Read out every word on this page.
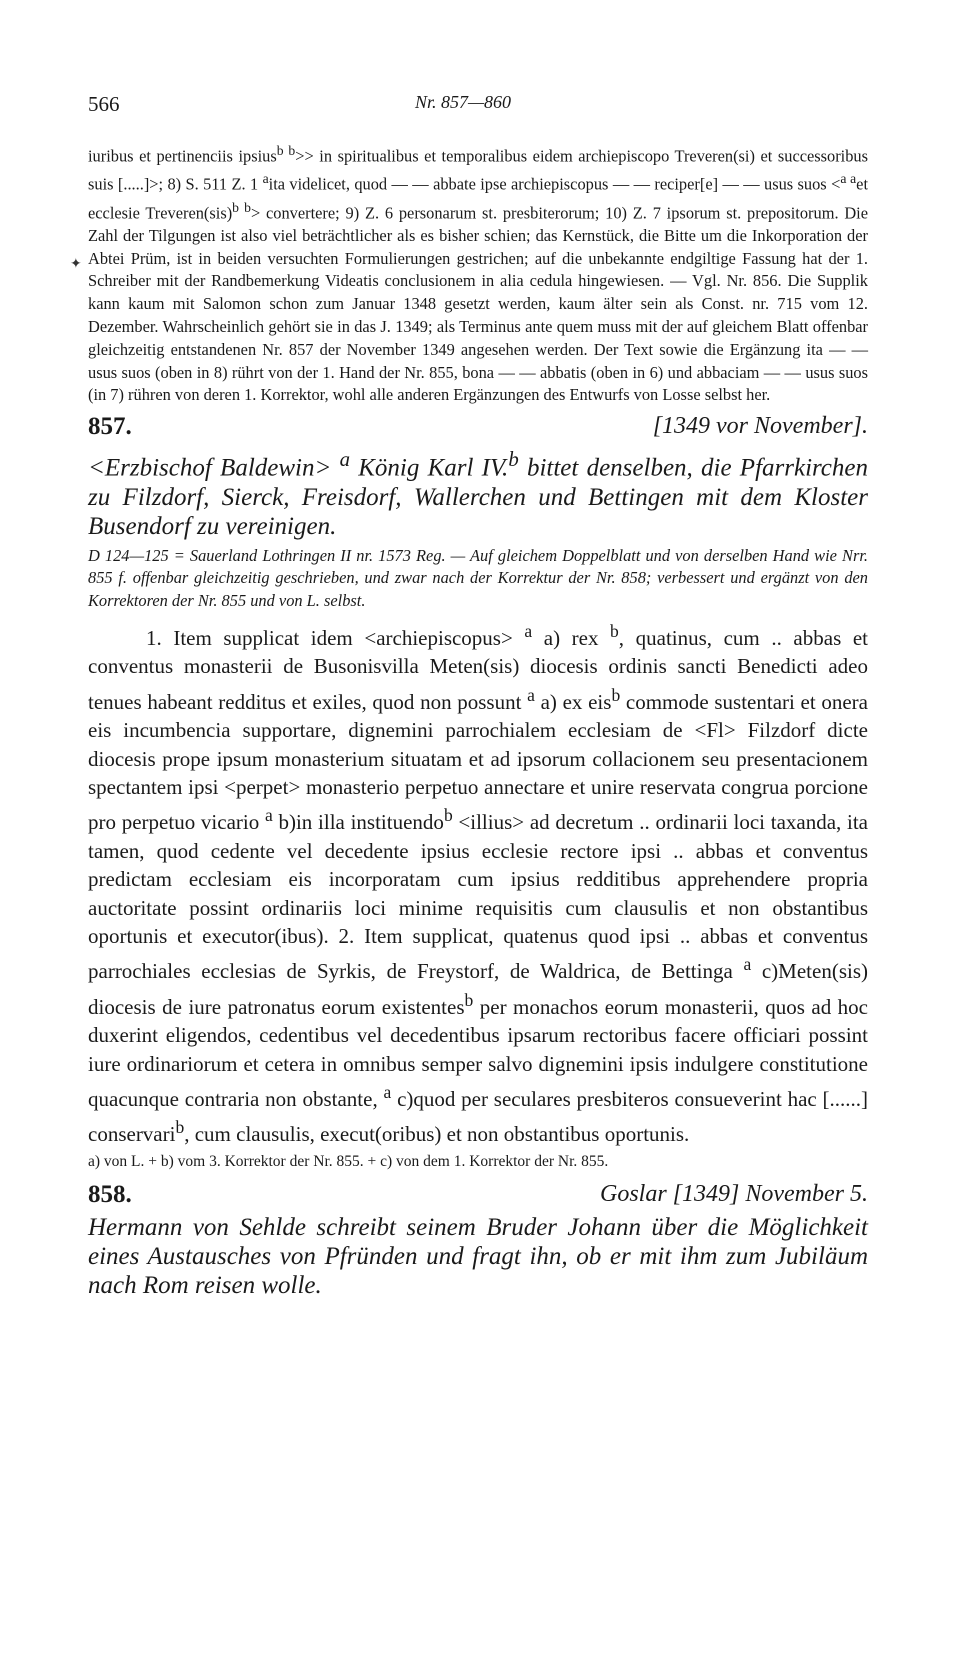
566	Nr. 857—860
✦

iuribus et pertinenciis ipsius$^{b b}$>> in spiritualibus et temporalibus eidem archiepiscopo Treveren(si) et successoribus suis [.....]>; 8) S. 511 Z. 1 $^a$ita videlicet, quod — — abbate ipse archiepiscopus — — reciper[e] — — usus suos <$^{a a}$et ecclesie Treveren(sis)$^{b b}$> convertere; 9) Z. 6 personarum st. presbiterorum; 10) Z. 7 ipsorum st. prepositorum. Die Zahl der Tilgungen ist also viel beträchtlicher als es bisher schien; das Kernstück, die Bitte um die Inkorporation der Abtei Prüm, ist in beiden versuchten Formulierungen gestrichen; auf die unbekannte endgiltige Fassung hat der 1. Schreiber mit der Randbemerkung Videatis conclusionem in alia cedula hingewiesen. — Vgl. Nr. 856. Die Supplik kann kaum mit Salomon schon zum Januar 1348 gesetzt werden, kaum älter sein als Const. nr. 715 vom 12. Dezember. Wahrscheinlich gehört sie in das J. 1349; als Terminus ante quem muss mit der auf gleichem Blatt offenbar gleichzeitig entstandenen Nr. 857 der November 1349 angesehen werden. Der Text sowie die Ergänzung ita — — usus suos (oben in 8) rührt von der 1. Hand der Nr. 855, bona — — abbatis (oben in 6) und abbaciam — — usus suos (in 7) rühren von deren 1. Korrektor, wohl alle anderen Ergänzungen des Entwurfs von Losse selbst her.

857.	[1349 vor November].
<Erzbischof Baldewin> $^a$ König Karl IV.$^b$ bittet denselben, die Pfarrkirchen zu Filzdorf, Sierck, Freisdorf, Wallerchen und Bettingen mit dem Kloster Busendorf zu vereinigen.
D 124—125 = Sauerland Lothringen II nr. 1573 Reg. — Auf gleichem Doppelblatt und von derselben Hand wie Nrr. 855 f. offenbar gleichzeitig geschrieben, und zwar nach der Korrektur der Nr. 858; verbessert und ergänzt von den Korrektoren der Nr. 855 und von L. selbst.
1. Item supplicat idem <archiepiscopus> $^a$ a) rex $^b$, quatinus, cum .. abbas et conventus monasterii de Busonisvilla Meten(sis) diocesis ordinis sancti Benedicti adeo tenues habeant redditus et exiles, quod non possunt $^a$ a) ex eis$^b$ commode sustentari et onera eis incumbencia supportare, dignemini parrochialem ecclesiam de <Fl> Filzdorf dicte diocesis prope ipsum monasterium situatam et ad ipsorum collacionem seu presentacionem spectantem ipsi <perpet> monasterio perpetuo annectare et unire reservata congrua porcione pro perpetuo vicario $^a$ b)in illa instituendo$^b$ <illius> ad decretum .. ordinarii loci taxanda, ita tamen, quod cedente vel decedente ipsius ecclesie rectore ipsi .. abbas et conventus predictam ecclesiam eis incorporatam cum ipsius redditibus apprehendere propria auctoritate possint ordinariis loci minime requisitis cum clausulis et non obstantibus oportunis et executor(ibus). 2. Item supplicat, quatenus quod ipsi .. abbas et conventus parrochiales ecclesias de Syrkis, de Freystorf, de Waldrica, de Bettinga $^a$ c)Meten(sis) diocesis de iure patronatus eorum existentes$^b$ per monachos eorum monasterii, quos ad hoc duxerint eligendos, cedentibus vel decedentibus ipsarum rectoribus facere officiari possint iure ordinariorum et cetera in omnibus semper salvo dignemini ipsis indulgere constitutione quacunque contraria non obstante, $^a$ c)quod per seculares presbiteros consueverint hac [......] conservari$^b$, cum clausulis, execut(oribus) et non obstantibus oportunis.
a) von L. + b) vom 3. Korrektor der Nr. 855. + c) von dem 1. Korrektor der Nr. 855.
858.	Goslar [1349] November 5.
Hermann von Sehlde schreibt seinem Bruder Johann über die Möglichkeit eines Austausches von Pfründen und fragt ihn, ob er mit ihm zum Jubiläum nach Rom reisen wolle.
